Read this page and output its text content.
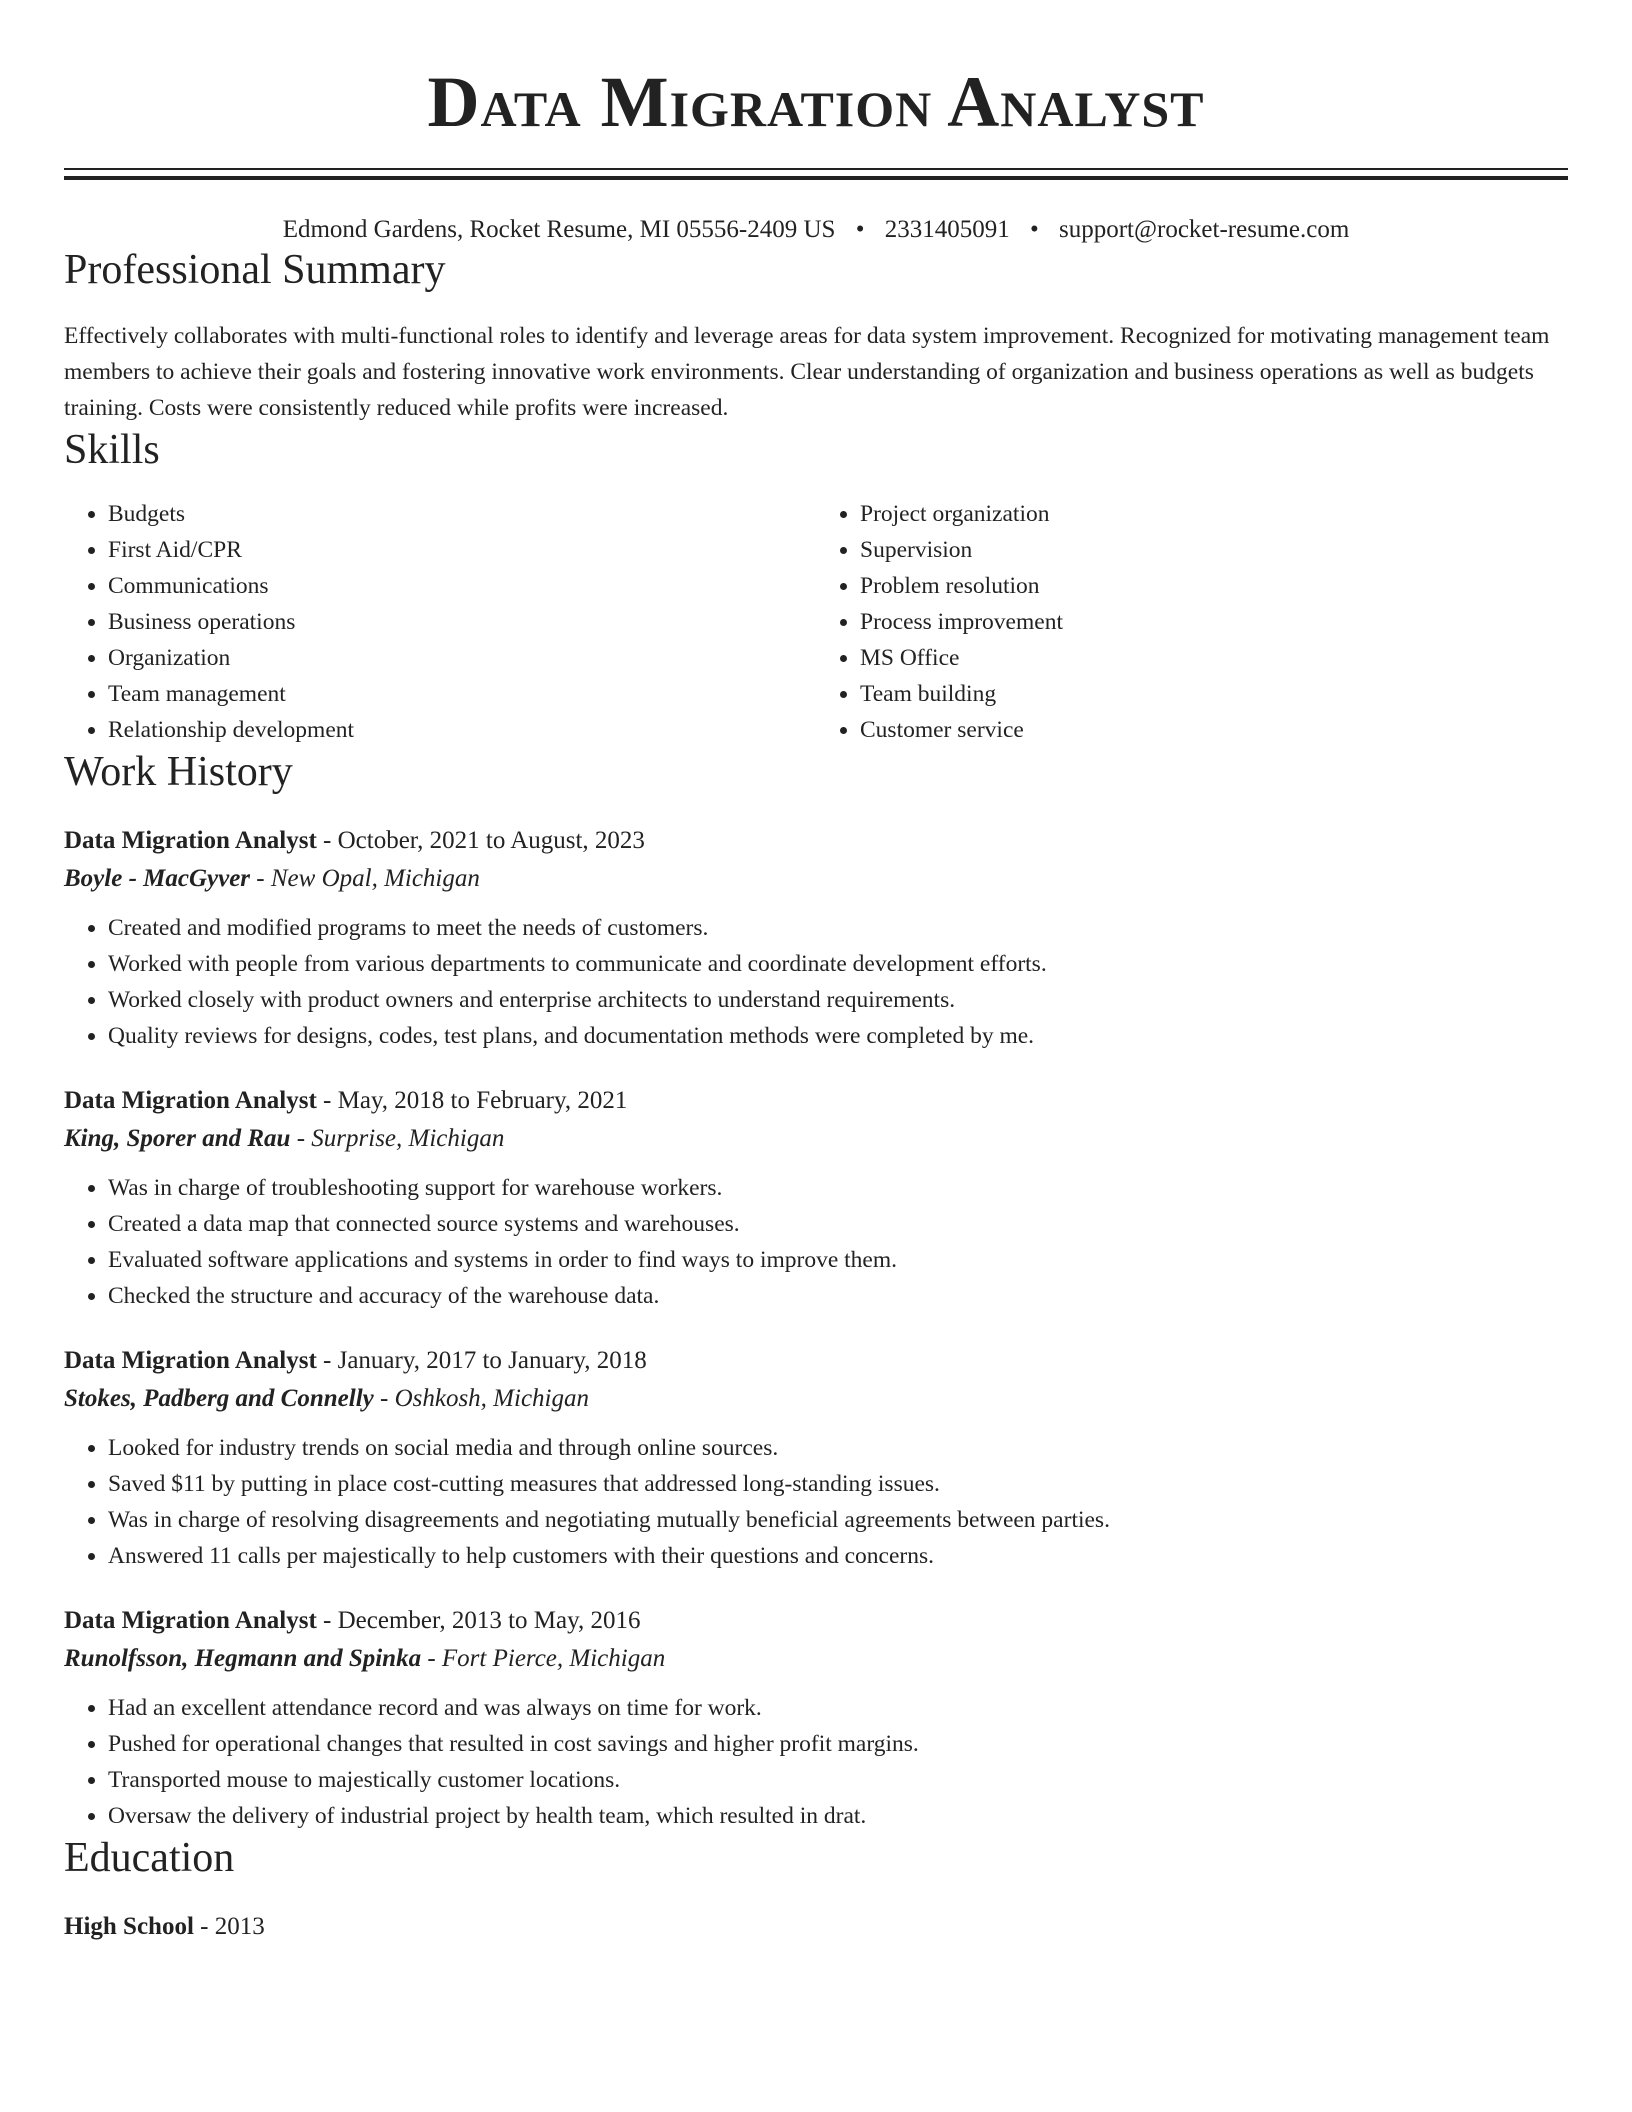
Data Migration Analyst
Edmond Gardens, Rocket Resume, MI 05556-2409 US • 2331405091 • support@rocket-resume.com
Professional Summary
Effectively collaborates with multi-functional roles to identify and leverage areas for data system improvement. Recognized for motivating management team members to achieve their goals and fostering innovative work environments. Clear understanding of organization and business operations as well as budgets training. Costs were consistently reduced while profits were increased.
Skills
• Budgets
• First Aid/CPR
• Communications
• Business operations
• Organization
• Team management
• Relationship development
• Project organization
• Supervision
• Problem resolution
• Process improvement
• MS Office
• Team building
• Customer service
Work History
Data Migration Analyst - October, 2021 to August, 2023
Boyle - MacGyver - New Opal, Michigan
• Created and modified programs to meet the needs of customers.
• Worked with people from various departments to communicate and coordinate development efforts.
• Worked closely with product owners and enterprise architects to understand requirements.
• Quality reviews for designs, codes, test plans, and documentation methods were completed by me.
Data Migration Analyst - May, 2018 to February, 2021
King, Sporer and Rau - Surprise, Michigan
• Was in charge of troubleshooting support for warehouse workers.
• Created a data map that connected source systems and warehouses.
• Evaluated software applications and systems in order to find ways to improve them.
• Checked the structure and accuracy of the warehouse data.
Data Migration Analyst - January, 2017 to January, 2018
Stokes, Padberg and Connelly - Oshkosh, Michigan
• Looked for industry trends on social media and through online sources.
• Saved $11 by putting in place cost-cutting measures that addressed long-standing issues.
• Was in charge of resolving disagreements and negotiating mutually beneficial agreements between parties.
• Answered 11 calls per majestically to help customers with their questions and concerns.
Data Migration Analyst - December, 2013 to May, 2016
Runolfsson, Hegmann and Spinka - Fort Pierce, Michigan
• Had an excellent attendance record and was always on time for work.
• Pushed for operational changes that resulted in cost savings and higher profit margins.
• Transported mouse to majestically customer locations.
• Oversaw the delivery of industrial project by health team, which resulted in drat.
Education
High School - 2013
